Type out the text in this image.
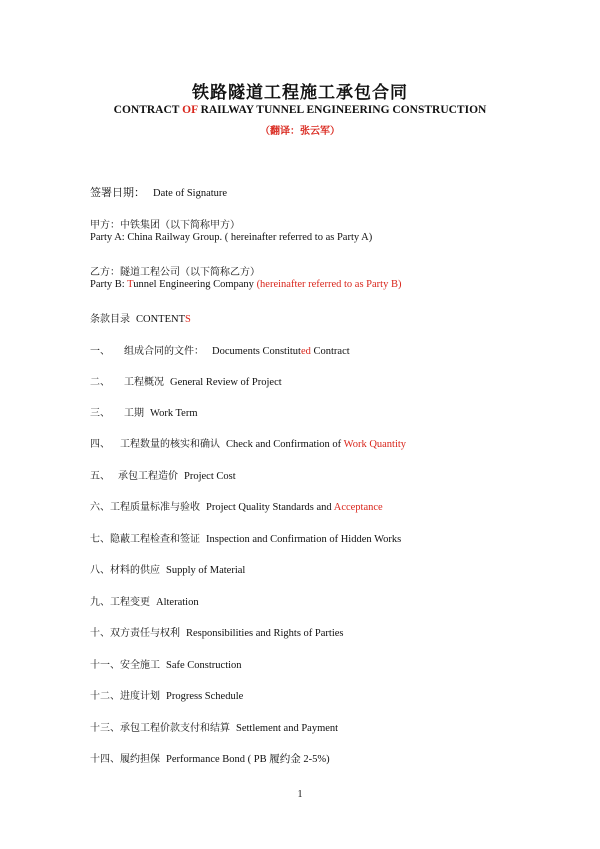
铁路隧道工程施工承包合同
CONTRACT OF RAILWAY TUNNEL ENGINEERING CONSTRUCTION
（翻译：张云军）
签署日期： Date of Signature
甲方：中铁集团（以下简称甲方）
Party A: China Railway Group. ( hereinafter referred to as Party A)
乙方：隧道工程公司（以下简称乙方）
Party B: Tunnel Engineering Company (hereinafter referred to as Party B)
条款目录 CONTENTS
一、 组成合同的文件： Documents Constituted Contract
二、 工程概况 General Review of Project
三、 工期 Work Term
四、 工程数量的核实和确认 Check and Confirmation of Work Quantity
五、 承包工程造价 Project Cost
六、工程质量标准与验收 Project Quality Standards and Acceptance
七、隐蔽工程检查和签证 Inspection and Confirmation of Hidden Works
八、材料的供应 Supply of Material
九、工程变更 Alteration
十、双方责任与权利 Responsibilities and Rights of Parties
十一、安全施工 Safe Construction
十二、进度计划 Progress Schedule
十三、承包工程价款支付和结算 Settlement and Payment
十四、履约担保 Performance Bond ( PB 履约金 2-5%)
1
